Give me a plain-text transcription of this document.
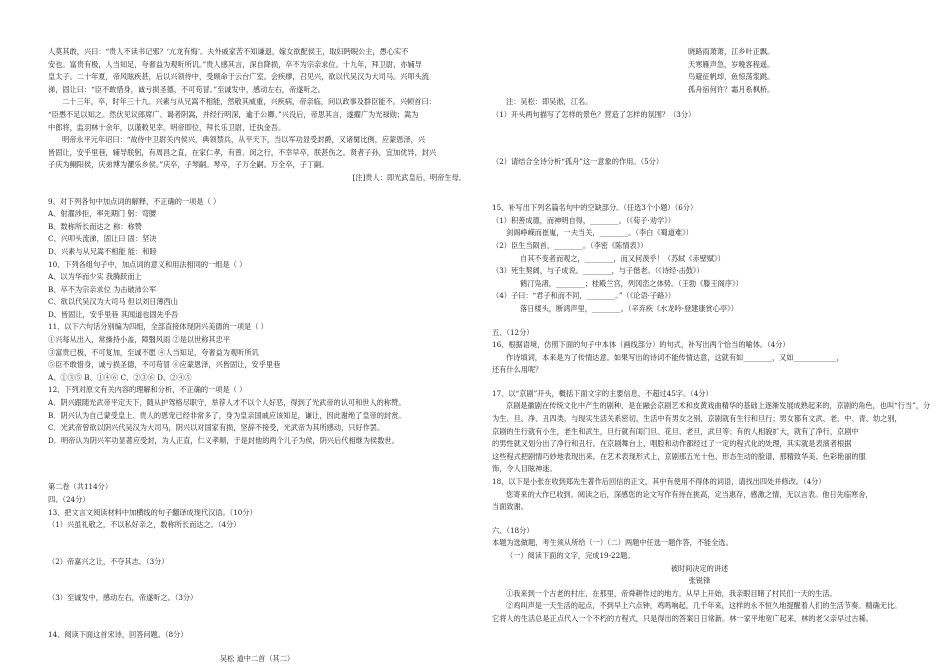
人莫其敢，兴曰：“贵人不读书记邪？‘亢龙有悔’。夫外戚家苦不知谦退，嫁女欲配侯王，取妇眄睨公主，愚心实不

安也。富贵有极，人当知足，夸奢益为观听所讥。”贵人感其言，深自降损，卒不为宗亲求位。十九年，拜卫尉，亦辅导

皇太子。二十年夏，帝风眩疾甚，后以兴领侍中，受顾命于云台广室。会疾瘳，召见兴，欲以代吴汉为大司马。兴叩头流

涕，固让曰：“臣不敢惜身，诚亏损圣德，不可苟冒。”至诚发中，感动左右，帝遂听之。

二十三年，卒，时年三十九。兴素与从兄嵩不相能，然敬其威重，兴疾病，帝亲临，问以政事及群臣能不。兴顿首曰：

“臣愚不足以知之。然伏见议郎席广、谒者阴嵩，并经行明深，逾于公卿。”兴没后，帝思其言，遂擢广为光禄勋；嵩为

中郎将，监羽林十余年，以谨敕见幸。明帝即位，拜长乐卫尉，迁执金吾。

明帝永平元年诏曰：“故侍中卫尉关内侯兴，典领禁兵，从平天下，当以军功显受封爵，又诸舅比例，应蒙恩泽，兴

皆固让，安乎里巷，辅导朕躬，有周昌之直，在家仁孝，有曾、闵之行，不幸早卒，朕甚伤之。贤者子孙，宜加优异，封兴

子庆为鲖阳侯，庆弟博为灈乐乡侯。”庆卒，子琴嗣。琴卒，子万全嗣。万全卒，子丁嗣。

[注]贵人：即光武皇后，明帝生母。

9、对下列各句中加点词的解释，不正确的一项是（ ）

A、射濯涉拒，率先期门 躬：弯腰

B、数称所长而达之 称：称赞

C、兴叩头流涕，固让曰 固：坚决

D、兴素与从兄嵩不相能 能：和睦

10、下列各组句子中，加点词的意义和用法相同的一组是（ ）

A、以为华而少实 我腾跃而上

B、卒不为宗亲求位 为击破沛公军

C、欲以代吴汉为大司马 但以刘日薄西山

D、皆固让，安乎里巷 其闻道也固先乎吾

11、以下六句话分别编为四组，全部直接体现阴兴美德的一项是（ ）

①兴每从出入，常操持小盖，障翳风雨 ②是以世称其忠平

③富贵已极，不可复加，至诚不愿 ④人当知足，夸奢益为观听所讥

⑤臣不敢惜身，诚亏损圣德，不可苟冒 ⑥应蒙恩泽，兴皆固让，安乎里巷

A、①③⑤ B、①④⑥ C、②③⑥ D、②④⑤

12、下列对原文有关内容的理解和分析，不正确的一项是（ ）

A．阴兴跟随光武帝平定天下，随从护驾格尽职守，举荐人才不以个人好恶，得到了光武帝的认可和世人的称赞。

B．阴兴认为自己蒙受皇上、贵人的恩宠已经非常多了，身为皇亲国戚应该知足，谦让，因此谢绝了皇帝的封赏。

C．光武帝曾欲以阴兴代吴汉为大司马，阴兴以对国家有损，坚辞不接受，光武帝为其所感动，只好作罢。

D．明帝认为阴兴军功显著应受封，为人正直，仁义孝顺，于是封他的两个儿子为侯，阴兴后代相继为侯数世。

第二卷（共114分）

四、（24分）

13、把文言文阅读材料中加横线的句子翻译成现代汉语。（10分）

（1）兴虽礼敬之，不以私好亲之，数称所长而达之。（4分）

（2）帝嘉兴之让，不夺其志。（3分）

（3）至诚发中，感动左右，帝遂听之。（3分）

14、阅读下面这首宋诗，回答问题。（8分）

吴松 道中二首（其二）

晓路雨萧萧，江乡叶正飘。

天寒雁声急，岁晚客程遥。

鸟避征帆却，鱼惊荡浆跳。

孤舟宿何许？霜月系枫桥。

注：吴松：即吴淞，江名。

（1）开头两句描写了怎样的景色？营造了怎样的氛围？（3分）

（2）请结合全诗分析“孤舟”这一意象的作用。（5分）

15、补写出下列名篇名句中的空缺部分。（任选3个小题）（6分）

（1）积善成德，而神明自得，________。（《荀子·劝学》）

剑阁峥嵘而崔嵬，一夫当关，________。（李白《蜀道难》）

（2）臣生当陨首，________。（李密《陈情表》）

自其不变者而观之，________，而又何羡乎！（苏轼《赤壁赋》）

（3）死生契阔，与子成说。________，与子偕老。（《诗经·击鼓》）

鹤汀凫渚，________；桂殿兰宫，列冈峦之体势。（王勃《滕王阁序》）

（4）子曰：“君子和而不同，________。”（《论语·子路》）

落日楼头，断鸿声里，________。（辛弃疾《水龙吟·登建康赏心亭》）

五、（12分）

16、根据语境，仿照下面的句子中本体（画线部分）的句式，补写出两个恰当的喻体。（4分）

作诗填词，本来是为了传情达意。如果写出的诗词不能传情达意，这就有如________，又如____________，

还有什么用呢？

17、以“京剧”开头，概括下面文字的主要信息，不超过45字。（4分）

京剧是徽剧在传统文化中产生的剧种，是在融会京剧艺术和皮黄戏曲精华的基础上逐渐发展成熟起来的，京剧的角色，也叫“行当”，分

为生、旦、净、丑四类，与现实生活关系密切。生活中有男女之别，京剧就有生行和旦行；男女都有文武、老、中、青、幼之别，

京剧的生行就有小生，老生和武生，旦行就有闺门旦、花旦、老旦，武旦等；有的人相貌扩大，就有了净行，京剧中

的男性就又划分出了净行和丑行。在京剧舞台上，唱腔和动作都经过了一定的程式化的处理，其实就是表演者根据

这些程式把剧情巧妙地表现出来。在艺术表现形式上，京剧那五光十色、形态生动的脸谱，那精致华美、色彩艳丽的服

饰，令人目眩神迷。

18、以下是小张在收到郑先生著作后回信的正文，其中有使用不得体的词语，请找出四处并修改。（4分）

您寄来的大作已收到。阅读之后，深感您的论文写作有待在挑高，定当惠存，感激之情，无以言表。他日先临寒舍，

当面致谢。

六、（18分）

本题为选做题，考生须从所给（一）（二）两题中任选一题作答，不能全选。

（一）阅读下面的文字，完成19-22题。

被时间决定的讲述

张锐锋

①我来到一个古老的村庄，在那里，帝舜耕作过的地方。从早上开始，我亲眼目睹了村民们一天的生活。

②鸡叫声是一天生活的起点，不到早上六点钟，鸡鸣响起，几千年来，这样的永不恒久地提醒着人们的生活节奏。精确无比。

它将人的生活总是正点代入一个不朽的方程式，只是得出的答案日日常新。林一家平地宽广起来，林的老父亲早过古稀。
